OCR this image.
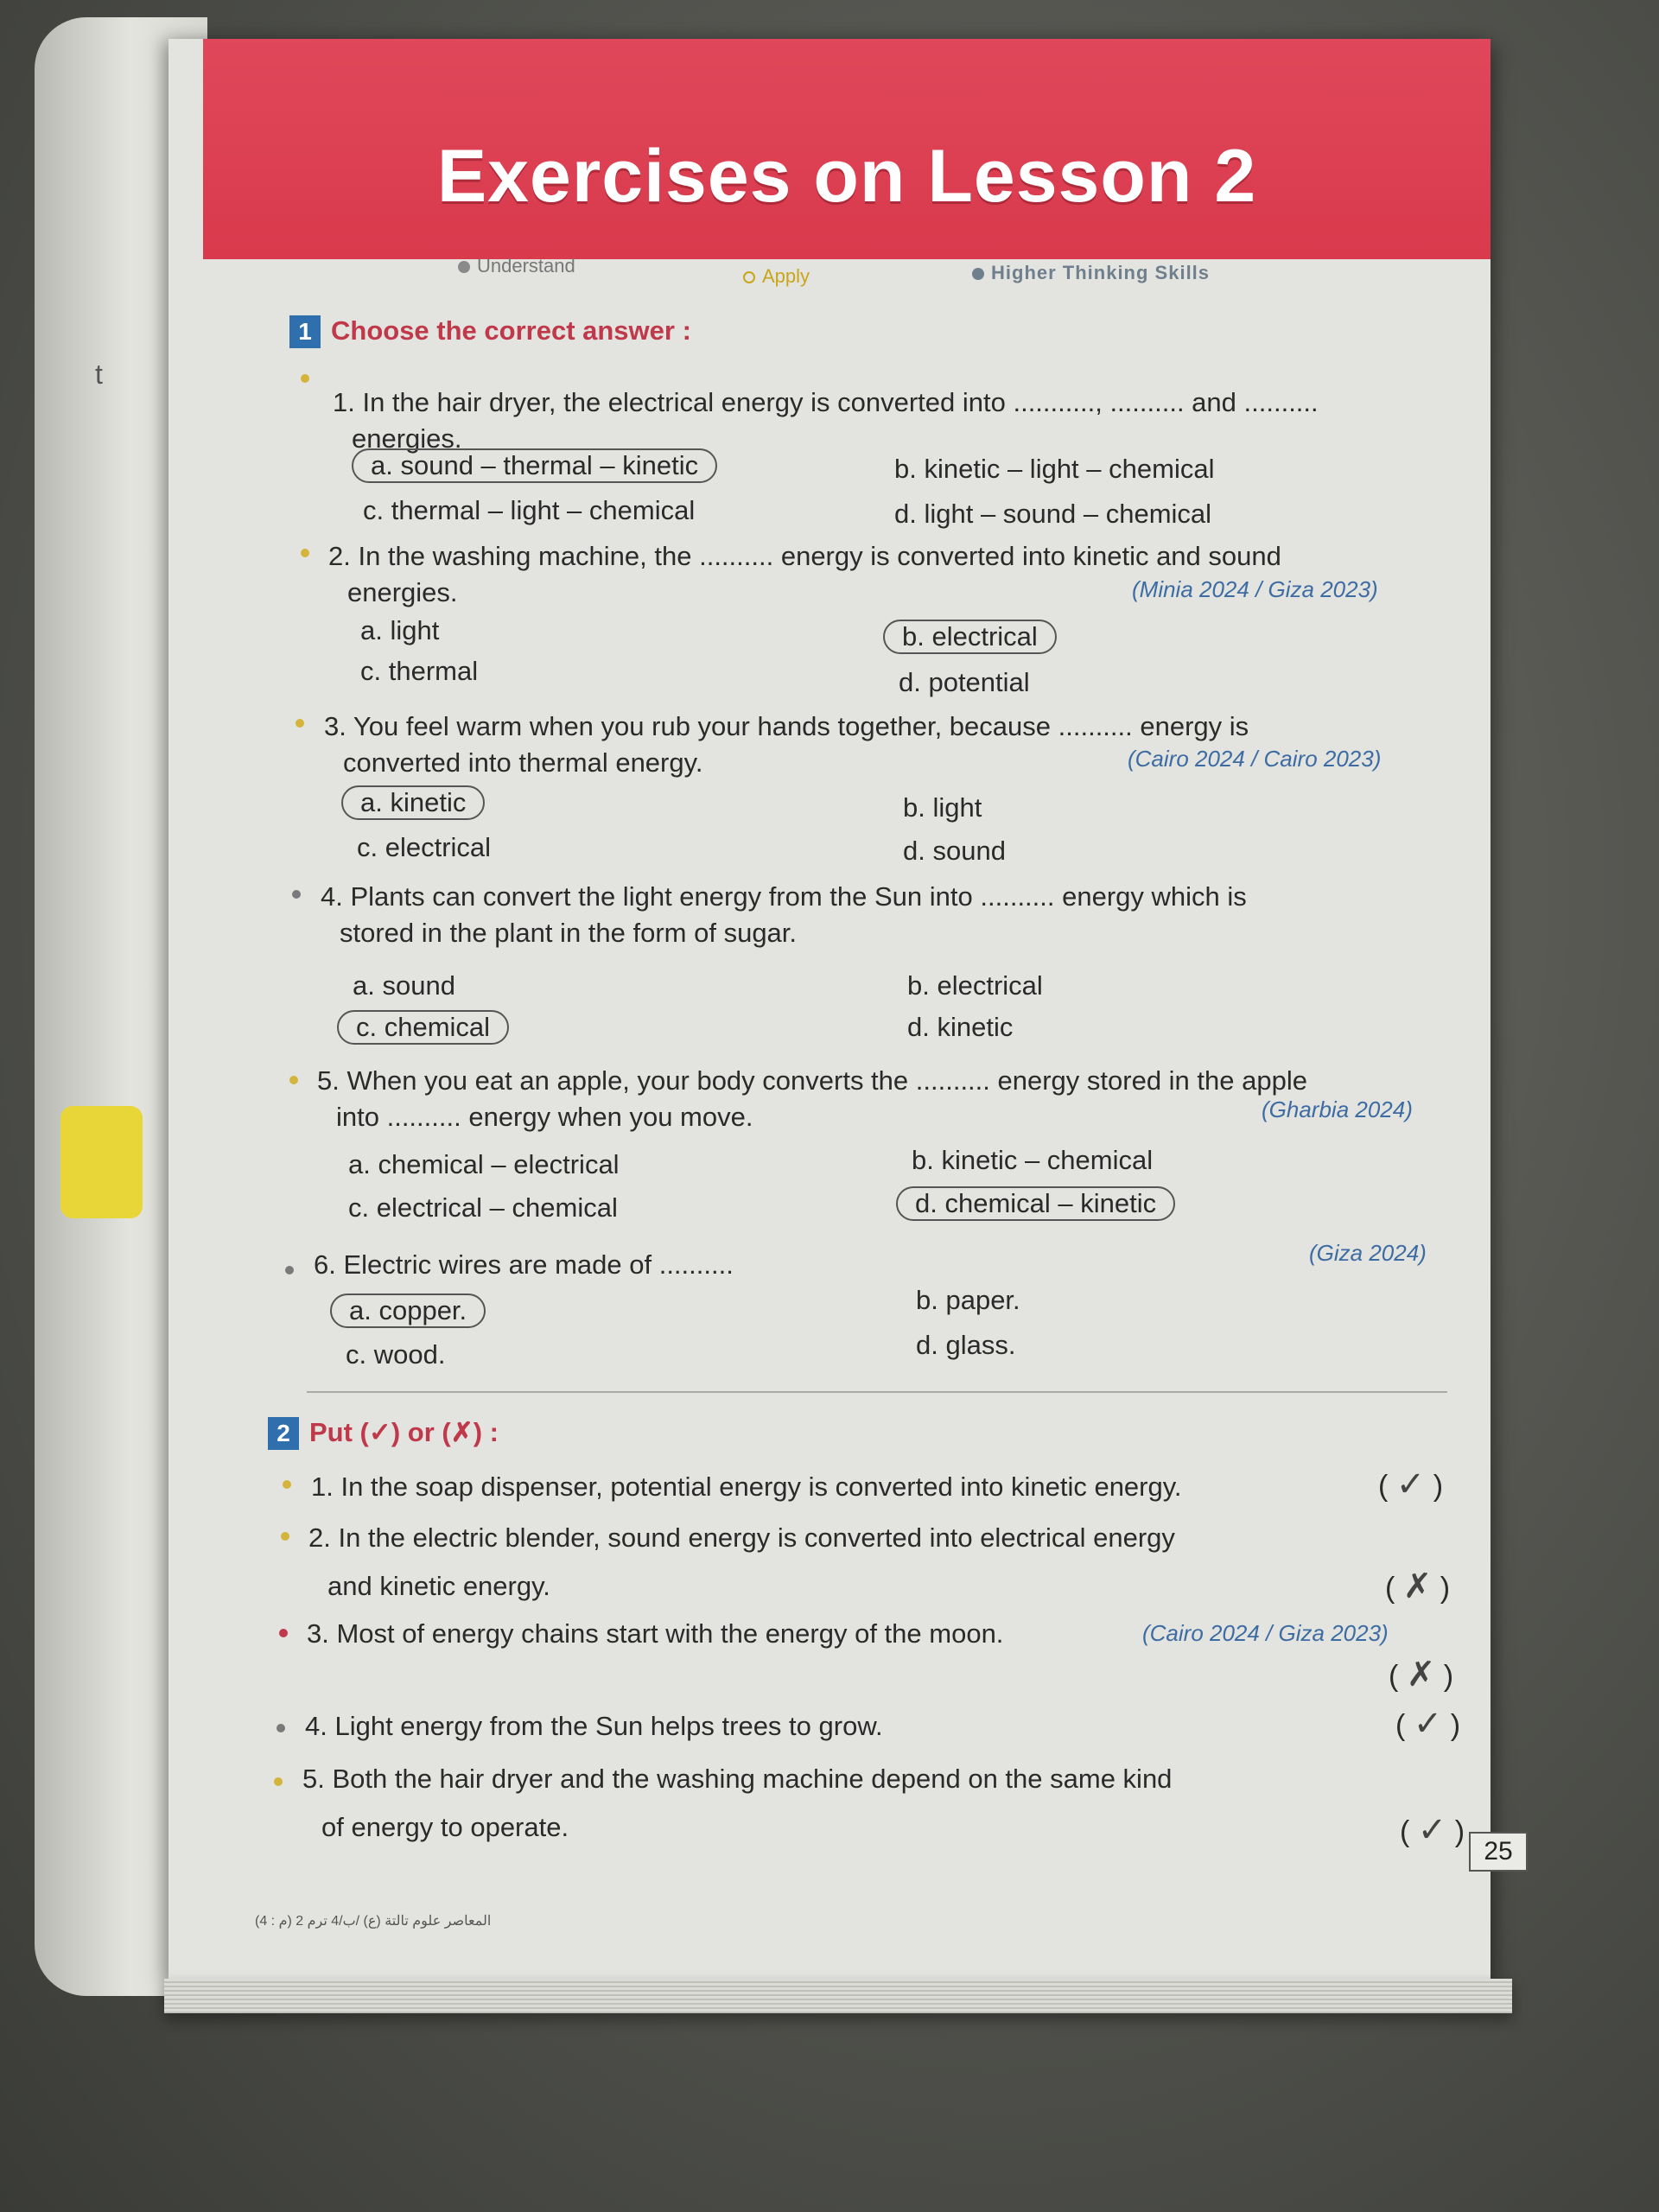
t
Exercises on Lesson 2
Understand	Apply	Higher Thinking Skills
1 Choose the correct answer :
1. In the hair dryer, the electrical energy is converted into ..........., .......... and ..........
energies.
a. sound – thermal – kinetic	b. kinetic – light – chemical
c. thermal – light – chemical	d. light – sound – chemical
2. In the washing machine, the .......... energy is converted into kinetic and sound
energies.	(Minia 2024 / Giza 2023)
a. light	b. electrical
c. thermal	d. potential
3. You feel warm when you rub your hands together, because .......... energy is
converted into thermal energy.	(Cairo 2024 / Cairo 2023)
a. kinetic	b. light
c. electrical	d. sound
4. Plants can convert the light energy from the Sun into .......... energy which is
stored in the plant in the form of sugar.
a. sound	b. electrical
c. chemical	d. kinetic
5. When you eat an apple, your body converts the .......... energy stored in the apple
into .......... energy when you move.	(Gharbia 2024)
a. chemical – electrical	b. kinetic – chemical
c. electrical – chemical	d. chemical – kinetic
6. Electric wires are made of ..........	(Giza 2024)
a. copper.	b. paper.
c. wood.	d. glass.
2 Put (✓) or (✗) :
1. In the soap dispenser, potential energy is converted into kinetic energy.	( ✓ )
2. In the electric blender, sound energy is converted into electrical energy
and kinetic energy.	( ✗ )
3. Most of energy chains start with the energy of the moon.	(Cairo 2024 / Giza 2023)
( ✗ )
4. Light energy from the Sun helps trees to grow.	( ✓ )
5. Both the hair dryer and the washing machine depend on the same kind
of energy to operate.	( ✓ )
25
المعاصر علوم تالتة (ع) /ب/4 ترم 2 (م : 4)
